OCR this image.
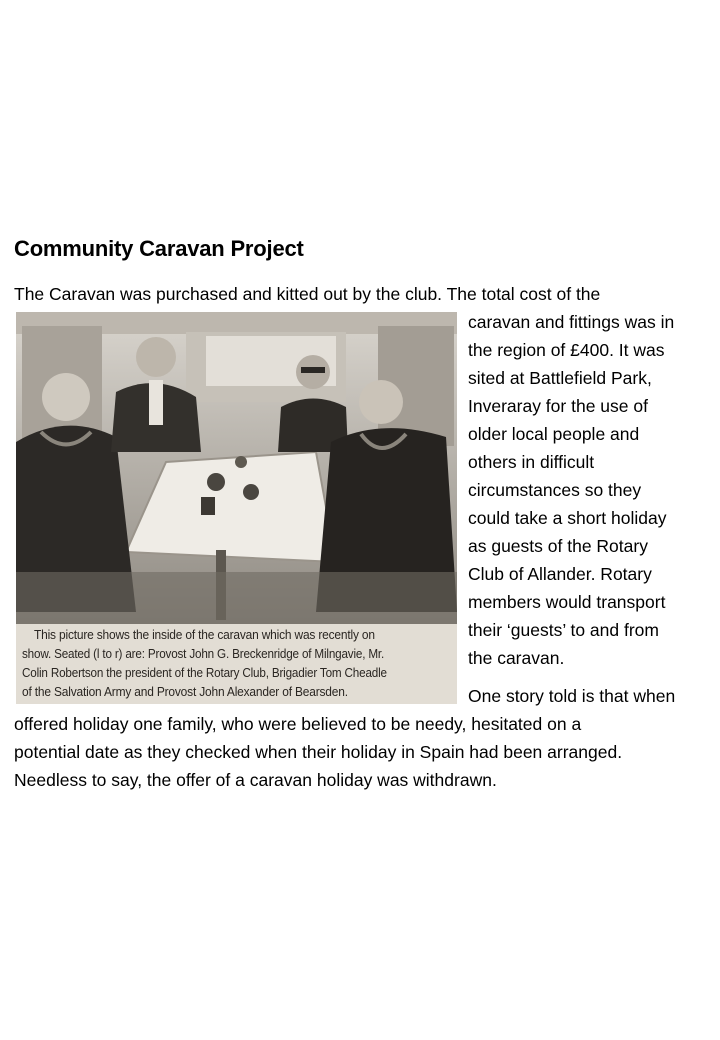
Community Caravan Project
The Caravan was purchased and kitted out by the club. The total cost of the
caravan and fittings was in
the region of £400. It was
sited at Battlefield Park,
Inveraray for the use of
older local people and
others in difficult
circumstances so they
could take a short holiday
as guests of the Rotary
Club of Allander. Rotary
members would transport
their ‘guests’ to and from
the caravan.
One story told is that when
offered holiday one family, who were believed to be needy, hesitated on a
potential date as they checked when their holiday in Spain had been arranged.
Needless to say, the offer of a caravan holiday was withdrawn.
This picture shows the inside of the caravan which was recently on
show. Seated (l to r) are: Provost John G. Breckenridge of Milngavie, Mr.
Colin Robertson the president of the Rotary Club, Brigadier Tom Cheadle
of the Salvation Army and Provost John Alexander of Bearsden.
